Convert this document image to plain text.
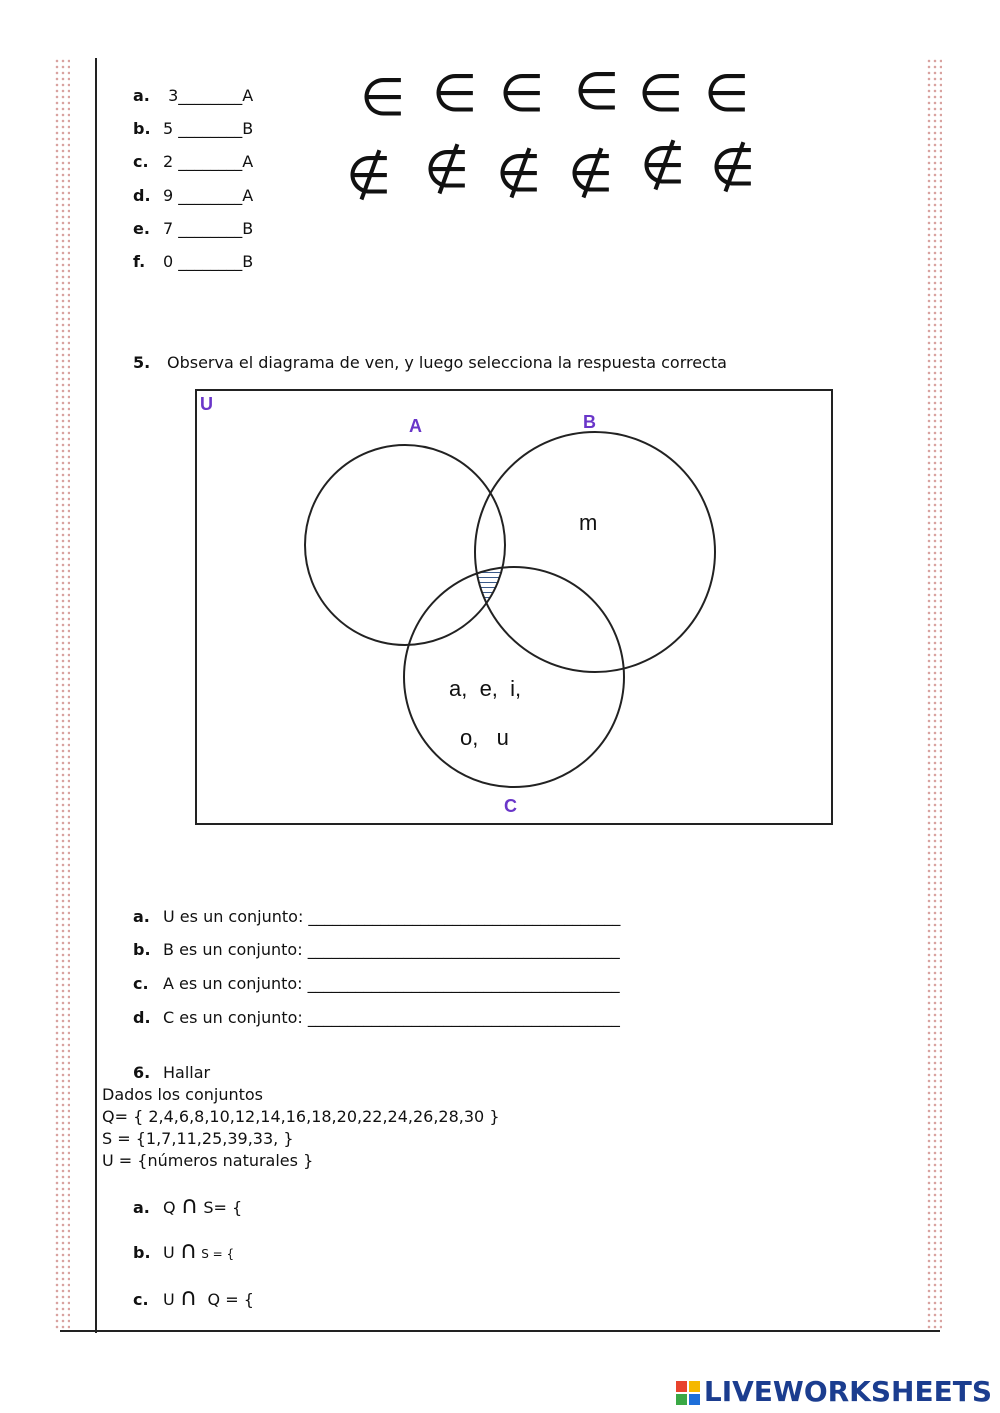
a. 3________A
b. 5 ________B
c. 2 ________A
d. 9 ________A
e. 7 ________B
f. 0 ________B
∈ ∈ ∈ ∈ ∈ ∈
∉ ∉ ∉ ∉ ∉ ∉
5. Observa el diagrama de ven, y luego selecciona la respuesta correcta
U
A	B
C
m
a,  e,  i,
o,   u
a. U es un conjunto: _______________________________________
b. B es un conjunto: _______________________________________
c. A es un conjunto: _______________________________________
d. C es un conjunto: _______________________________________
6. Hallar
Dados los conjuntos
Q= { 2,4,6,8,10,12,14,16,18,20,22,24,26,28,30 }
S = {1,7,11,25,39,33, }
U = {números naturales }
a. Q ∩ S= {
b. U ∩ S = {
c. U ∩  Q = {
LIVEWORKSHEETS
